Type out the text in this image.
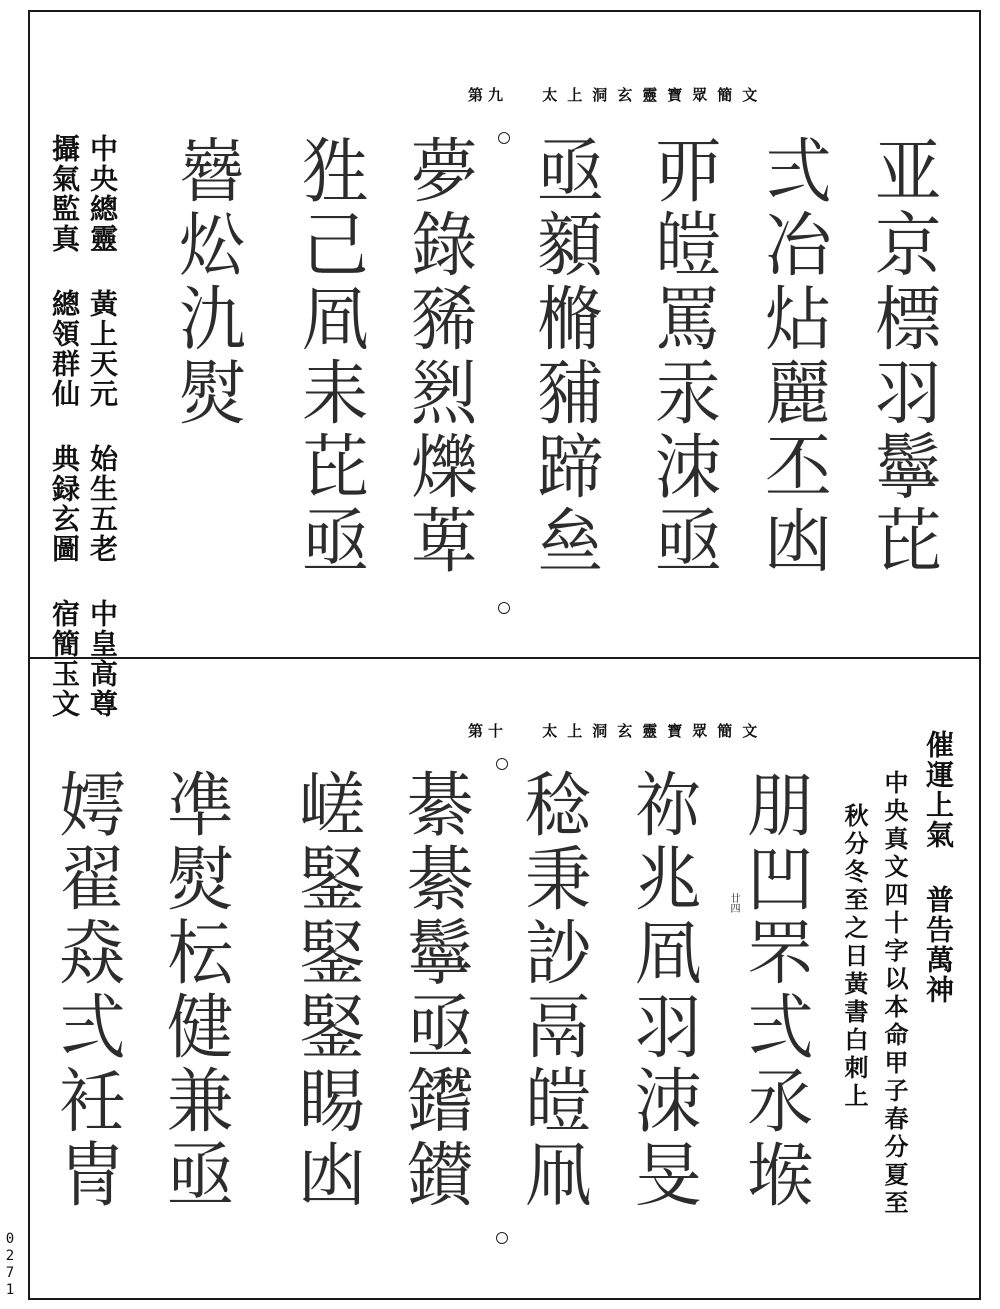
第九 太上洞玄靈寶眾簡文
亚京標羽鬡芘
弍冶炶麗丕凼
丣皚罵汞洓亟
亟顡樇豧蹄亝
夢錄豨煭爍萆
狌己凮耒芘亟
嶜炂氿熨
中央總靈 黃上天元 始生五老 中皇高尊
攝氣監真 總領群仙 典録玄圖 宿簡玉文
第十 太上洞玄靈寶眾簡文	催運上氣 普告萬神
中央真文四十字以本命甲子春分夏至
秋分冬至之日黃書白刺上
廿四
朋凹罘弍氶堠
祢兆凮羽洓旻
稔秉訬鬲皚凧
綦綦鬡亟鑙鑚
嵯鋻鋻鋻睗凼
凖熨枟健兼亟
嫮翟猋弍衽冑
0271
